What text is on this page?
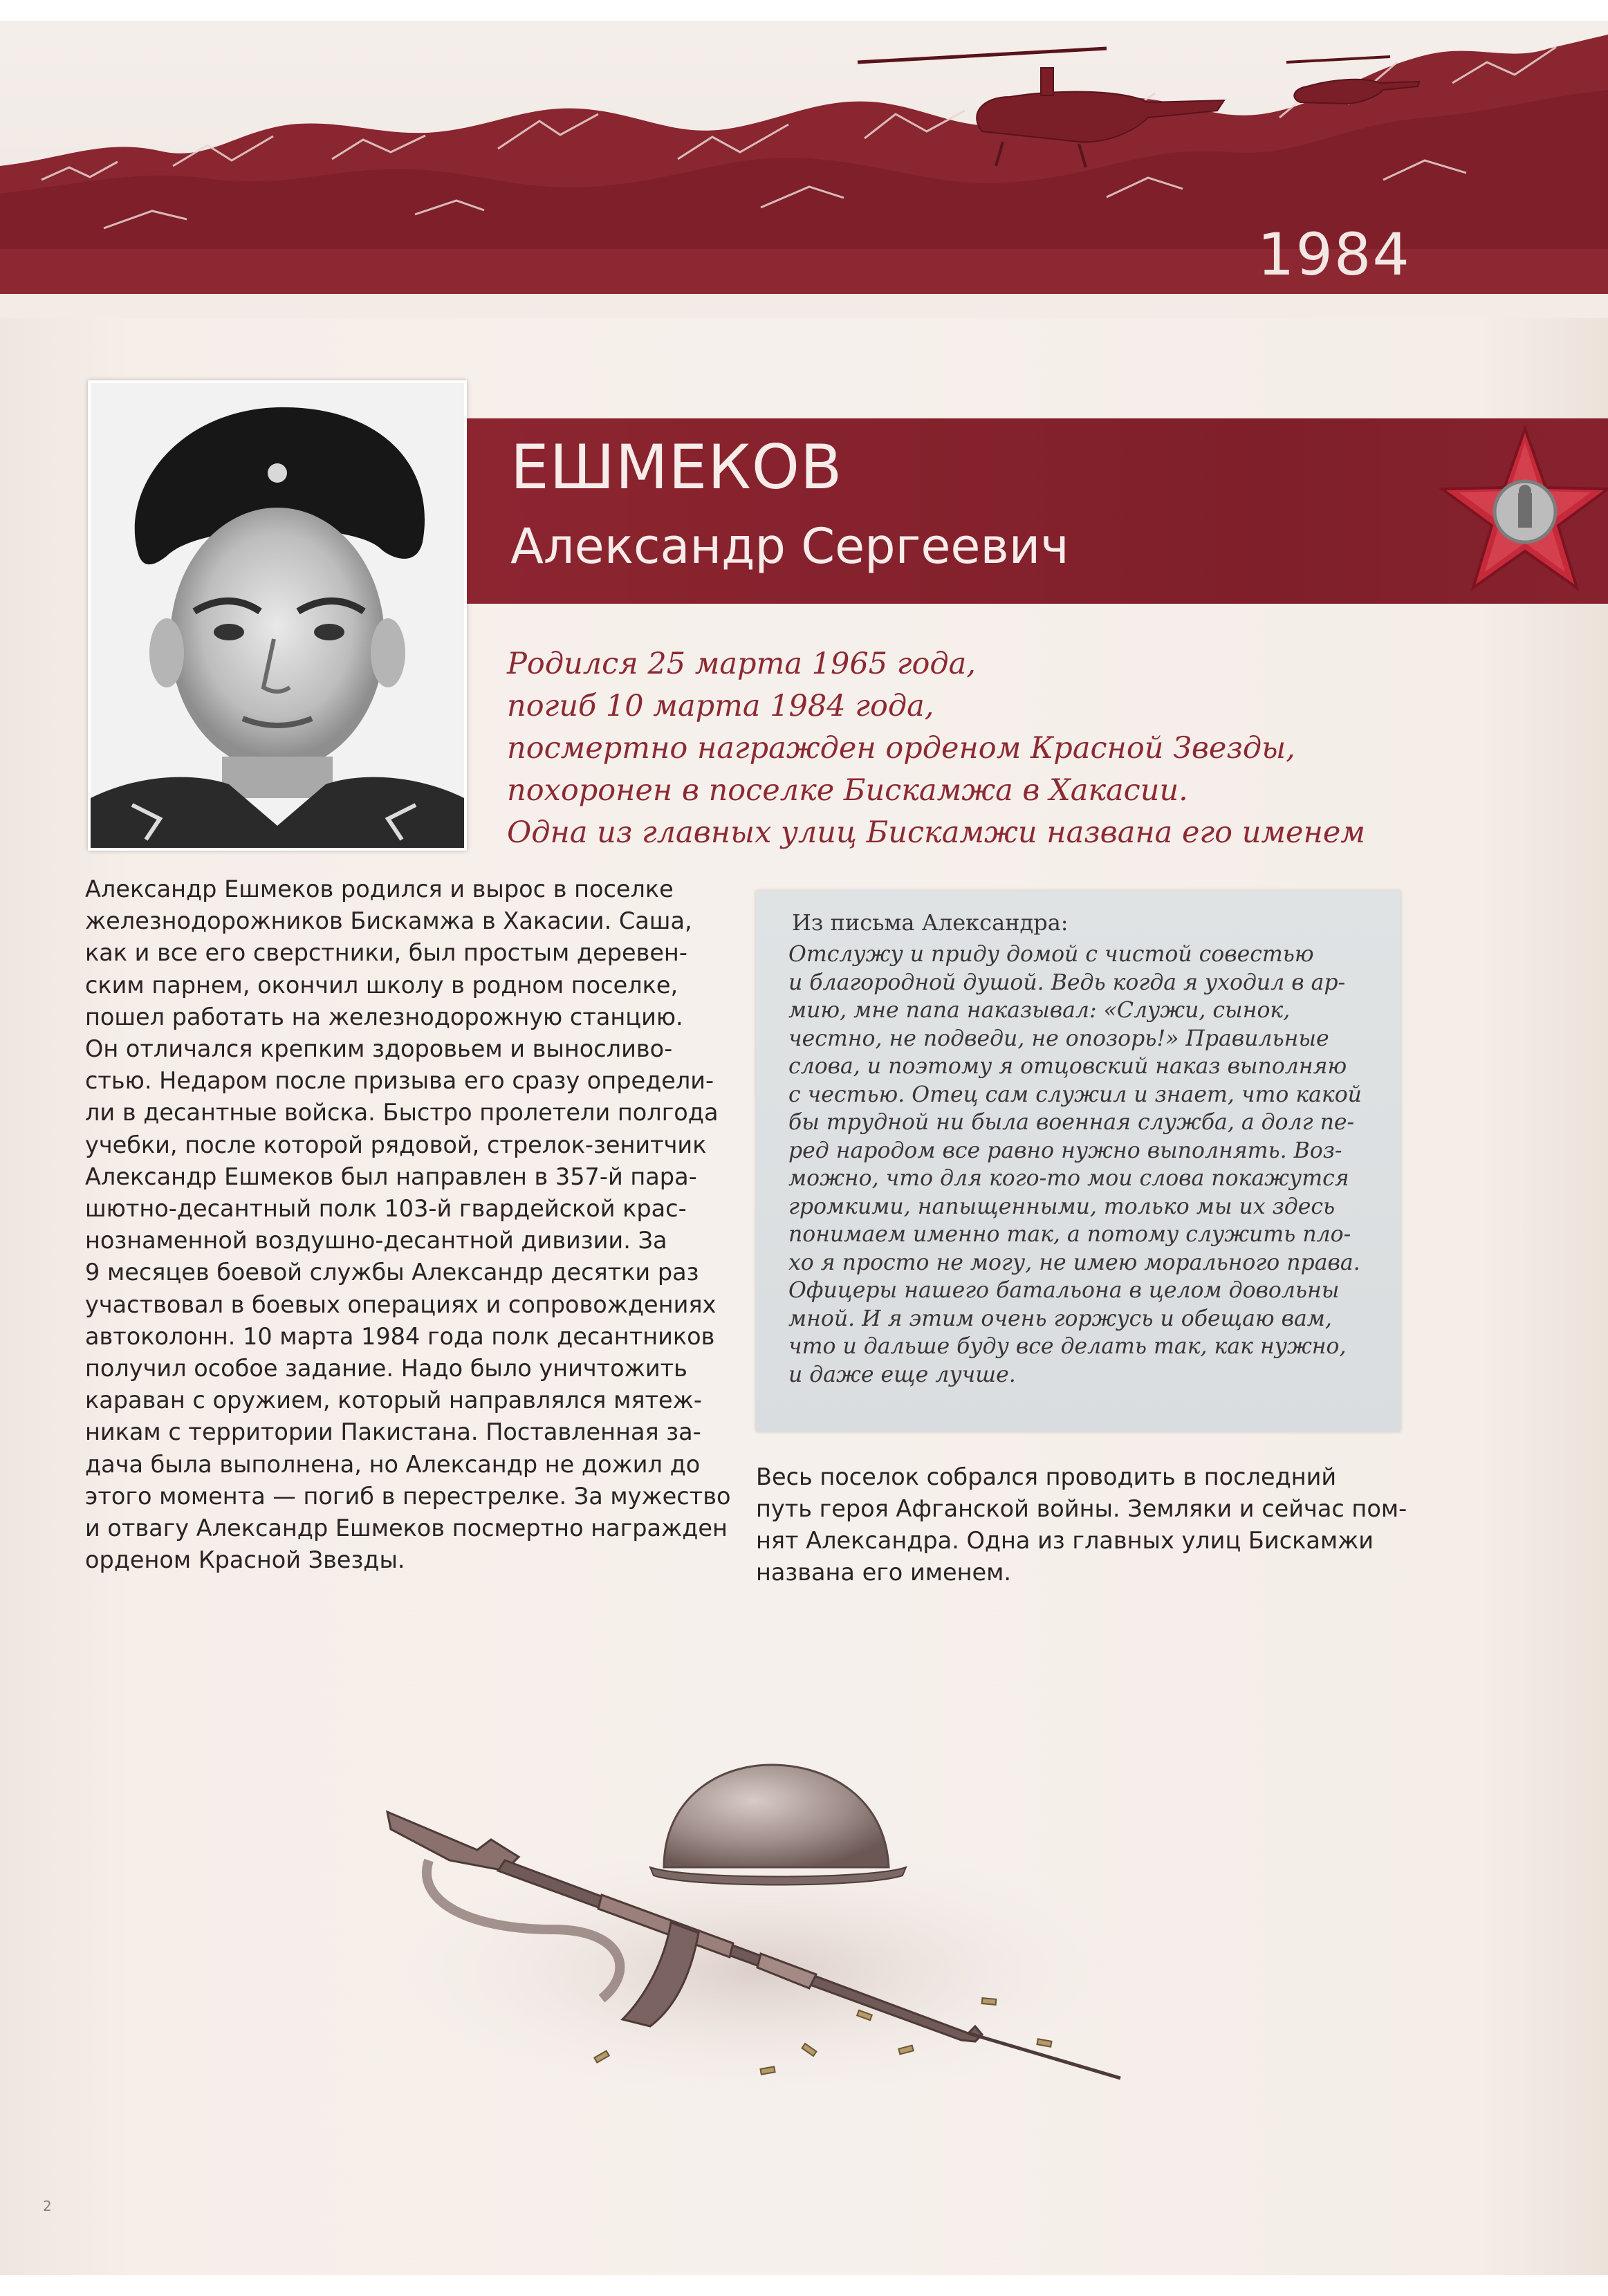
1984
ЕШМЕКОВ
Александр Сергеевич
Родился 25 марта 1965 года,
погиб 10 марта 1984 года,
посмертно награжден орденом Красной Звезды,
похоронен в поселке Бискамжа в Хакасии.
Одна из главных улиц Бискамжи названа его именем
Александр Ешмеков родился и вырос в поселке
железнодорожников Бискамжа в Хакасии. Саша,
как и все его сверстники, был простым деревен-
ским парнем, окончил школу в родном поселке,
пошел работать на железнодорожную станцию.
Он отличался крепким здоровьем и выносливо-
стью. Недаром после призыва его сразу определи-
ли в десантные войска. Быстро пролетели полгода
учебки, после которой рядовой, стрелок-зенитчик
Александр Ешмеков был направлен в 357-й пара-
шютно-десантный полк 103-й гвардейской крас-
нознаменной воздушно-десантной дивизии. За
9 месяцев боевой службы Александр десятки раз
участвовал в боевых операциях и сопровождениях
автоколонн. 10 марта 1984 года полк десантников
получил особое задание. Надо было уничтожить
караван с оружием, который направлялся мятеж-
никам с территории Пакистана. Поставленная за-
дача была выполнена, но Александр не дожил до
этого момента — погиб в перестрелке. За мужество
и отвагу Александр Ешмеков посмертно награжден
орденом Красной Звезды.
Из письма Александра:
Отслужу и приду домой с чистой совестью
и благородной душой. Ведь когда я уходил в ар-
мию, мне папа наказывал: «Служи, сынок,
честно, не подведи, не опозорь!» Правильные
слова, и поэтому я отцовский наказ выполняю
с честью. Отец сам служил и знает, что какой
бы трудной ни была военная служба, а долг пе-
ред народом все равно нужно выполнять. Воз-
можно, что для кого-то мои слова покажутся
громкими, напыщенными, только мы их здесь
понимаем именно так, а потому служить пло-
хо я просто не могу, не имею морального права.
Офицеры нашего батальона в целом довольны
мной. И я этим очень горжусь и обещаю вам,
что и дальше буду все делать так, как нужно,
и даже еще лучше.
Весь поселок собрался проводить в последний
путь героя Афганской войны. Земляки и сейчас пом-
нят Александра. Одна из главных улиц Бискамжи
названа его именем.
2
